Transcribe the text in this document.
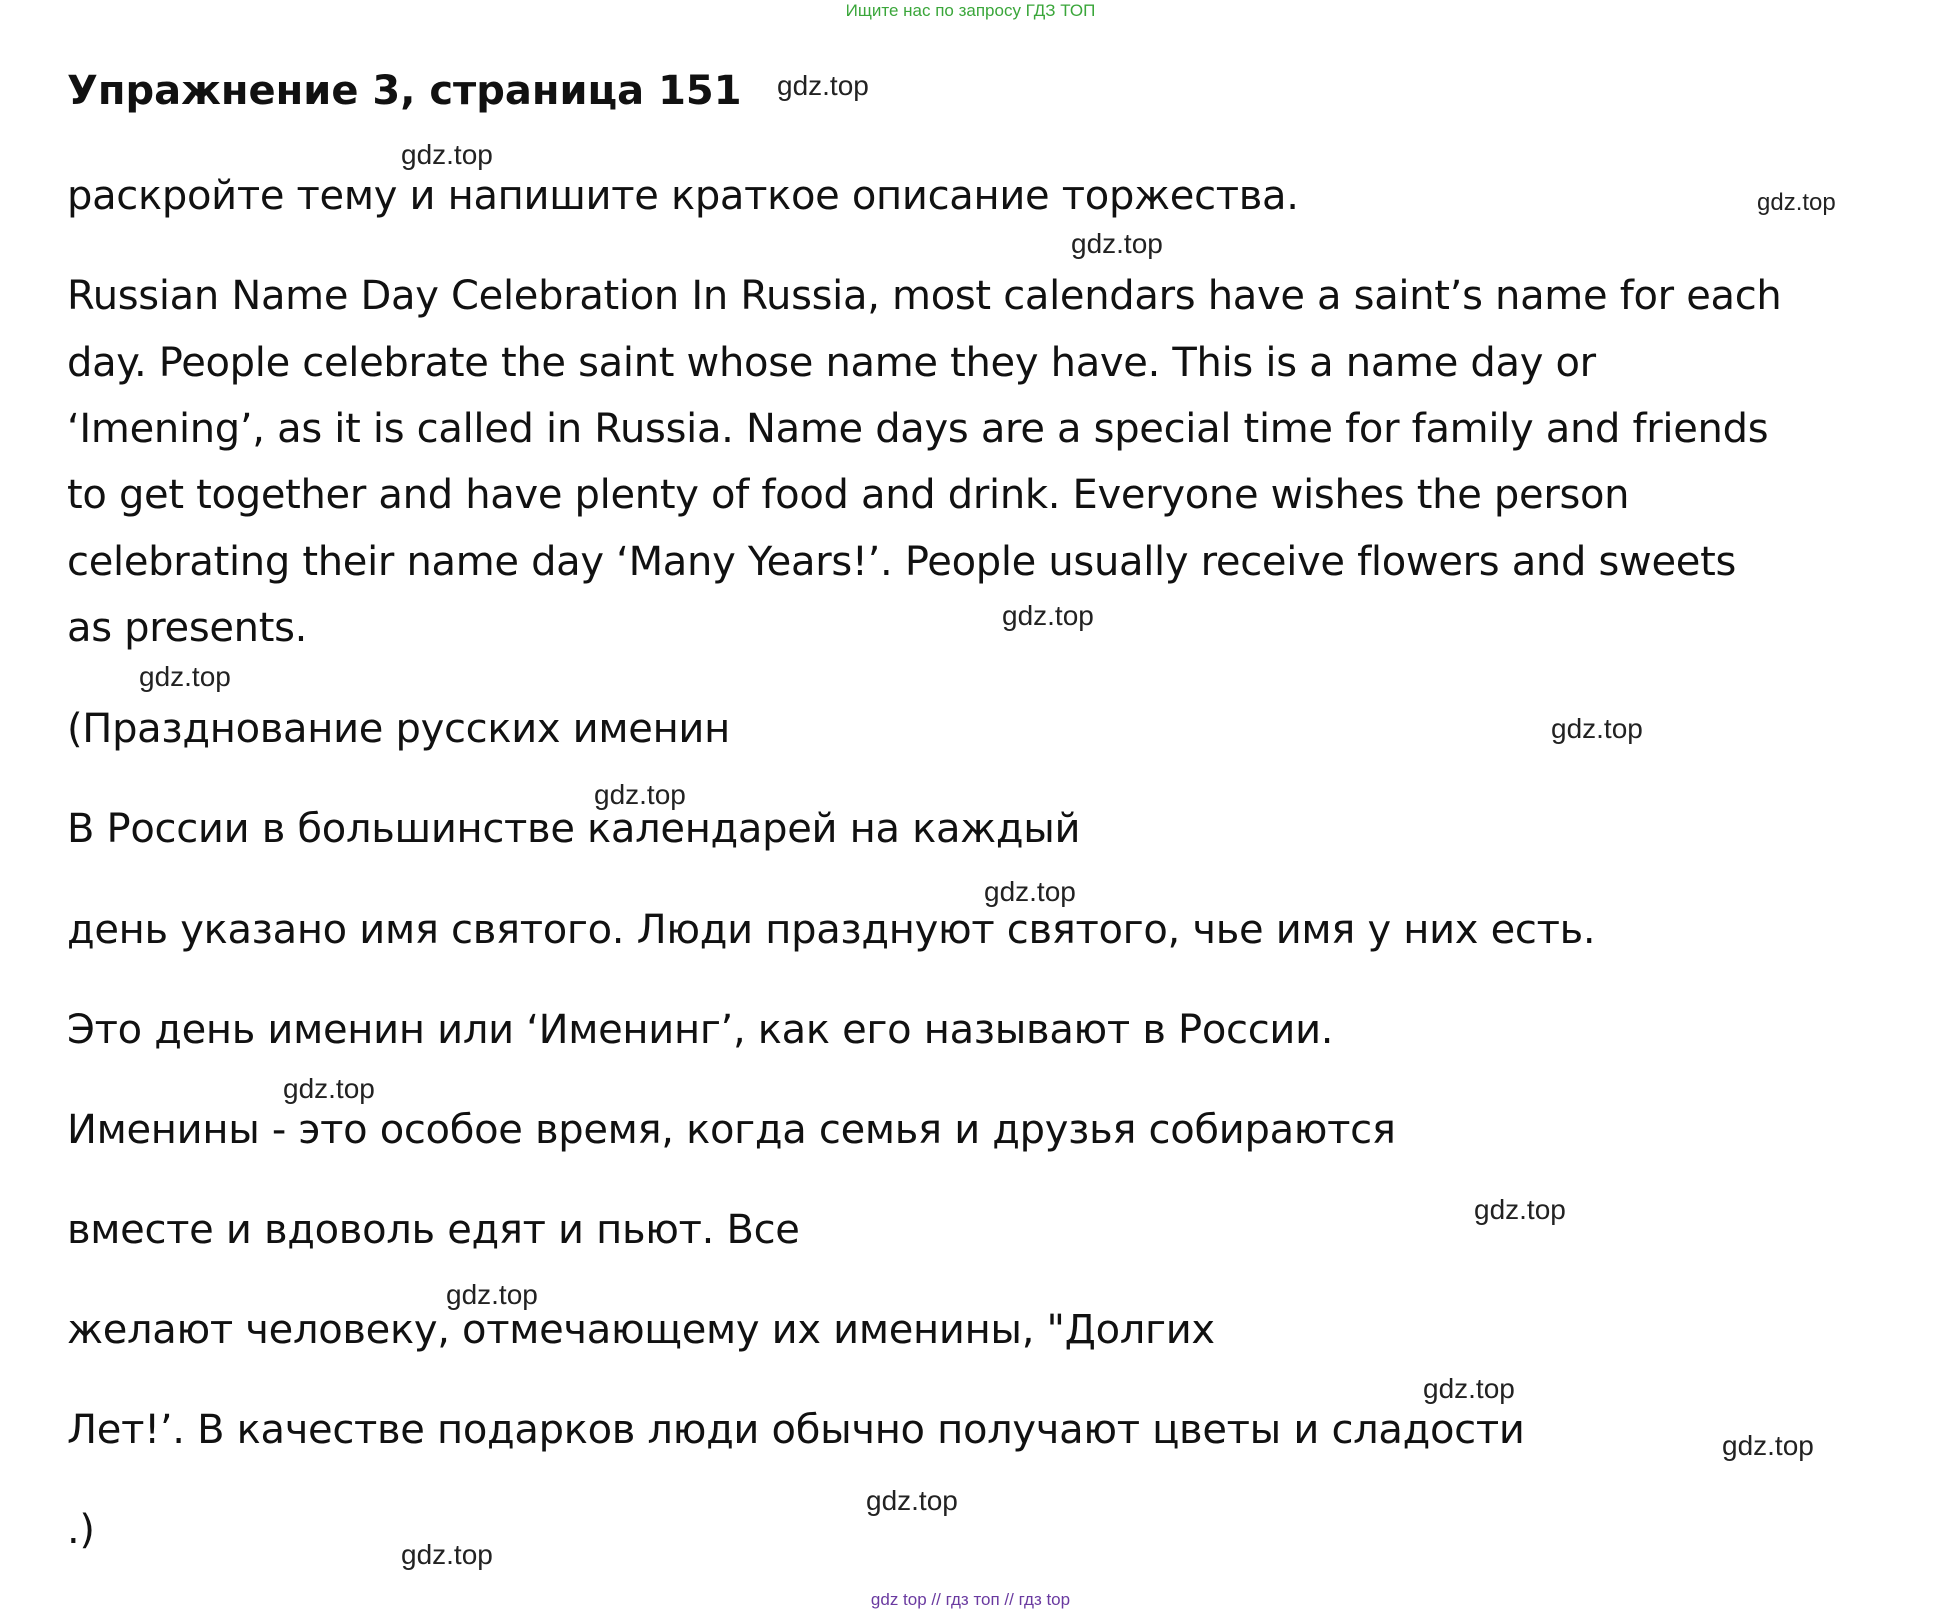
Ищите нас по запросу ГДЗ ТОП
Упражнение 3, страница 151
раскройте тему и напишите краткое описание торжества.
Russian Name Day Celebration In Russia, most calendars have a saint’s name for each
day. People celebrate the saint whose name they have. This is a name day or
‘Imening’, as it is called in Russia. Name days are a special time for family and friends
to get together and have plenty of food and drink. Everyone wishes the person
celebrating their name day ‘Many Years!’. People usually receive flowers and sweets
as presents.
(Празднование русских именин
В России в большинстве календарей на каждый
день указано имя святого. Люди празднуют святого, чье имя у них есть.
Это день именин или ‘Именинг’, как его называют в России.
Именины - это особое время, когда семья и друзья собираются
вместе и вдоволь едят и пьют. Все
желают человеку, отмечающему их именины, "Долгих
Лет!’. В качестве подарков люди обычно получают цветы и сладости
.)
gdz.top
gdz.top
gdz.top
gdz.top
gdz.top
gdz.top
gdz.top
gdz.top
gdz.top
gdz.top
gdz.top
gdz.top
gdz.top
gdz.top
gdz.top
gdz.top
gdz top // гдз топ // гдз top
